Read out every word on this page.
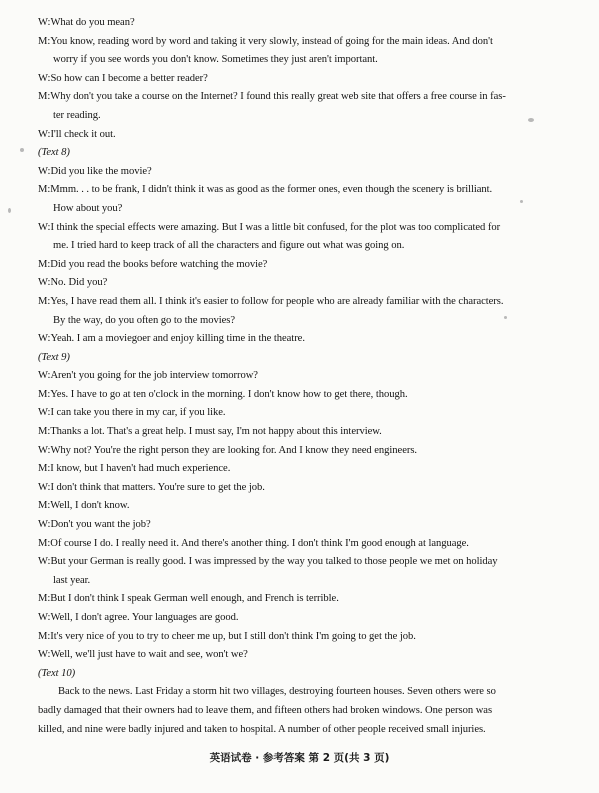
W:What do you mean?
M:You know, reading word by word and taking it very slowly, instead of going for the main ideas. And don't
worry if you see words you don't know. Sometimes they just aren't important.
W:So how can I become a better reader?
M:Why don't you take a course on the Internet? I found this really great web site that offers a free course in fas-
ter reading.
W:I'll check it out.
(Text 8)
W:Did you like the movie?
M:Mmm. . . to be frank, I didn't think it was as good as the former ones, even though the scenery is brilliant.
How about you?
W:I think the special effects were amazing. But I was a little bit confused, for the plot was too complicated for
me. I tried hard to keep track of all the characters and figure out what was going on.
M:Did you read the books before watching the movie?
W:No. Did you?
M:Yes, I have read them all. I think it's easier to follow for people who are already familiar with the characters.
By the way, do you often go to the movies?
W:Yeah. I am a moviegoer and enjoy killing time in the theatre.
(Text 9)
W:Aren't you going for the job interview tomorrow?
M:Yes. I have to go at ten o'clock in the morning. I don't know how to get there, though.
W:I can take you there in my car, if you like.
M:Thanks a lot. That's a great help. I must say, I'm not happy about this interview.
W:Why not? You're the right person they are looking for. And I know they need engineers.
M:I know, but I haven't had much experience.
W:I don't think that matters. You're sure to get the job.
M:Well, I don't know.
W:Don't you want the job?
M:Of course I do. I really need it. And there's another thing. I don't think I'm good enough at language.
W:But your German is really good. I was impressed by the way you talked to those people we met on holiday
last year.
M:But I don't think I speak German well enough, and French is terrible.
W:Well, I don't agree. Your languages are good.
M:It's very nice of you to try to cheer me up, but I still don't think I'm going to get the job.
W:Well, we'll just have to wait and see, won't we?
(Text 10)
Back to the news. Last Friday a storm hit two villages, destroying fourteen houses. Seven others were so
badly damaged that their owners had to leave them, and fifteen others had broken windows. One person was
killed, and nine were badly injured and taken to hospital. A number of other people received small injuries.
英语试卷 · 参考答案 第 2 页(共 3 页)
